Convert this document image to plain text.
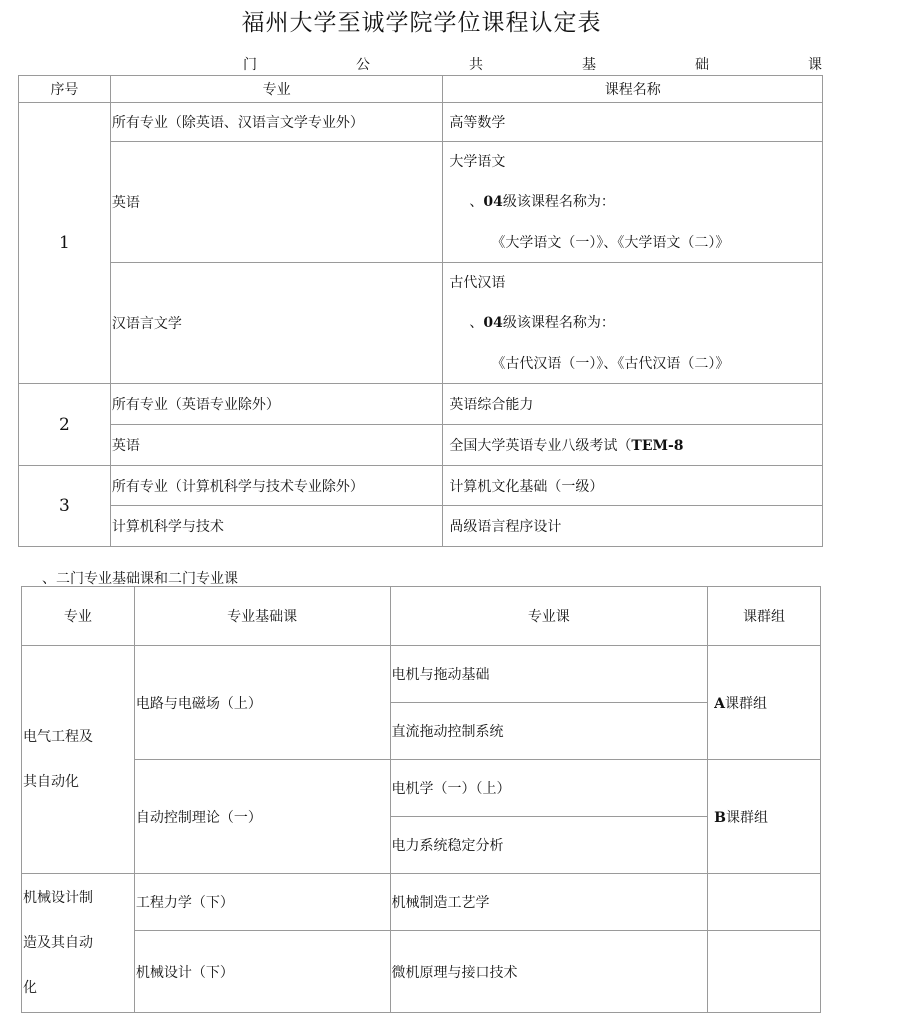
福州大学至诚学院学位课程认定表
门	公	共	基	础	课
序号	专业	课程名称
1	所有专业（除英语、汉语言文学专业外）	高等数学
	英语	大学语文
、04级该课程名称为：
《大学语文（一）》、《大学语文（二）》

	汉语言文学	古代汉语
、04级该课程名称为：
《古代汉语（一）》、《古代汉语（二）》

2	所有专业（英语专业除外）	英语综合能力
	英语	全国大学英语专业八级考试（TEM-8
3	所有专业（计算机科学与技术专业除外）	计算机文化基础（一级）
	计算机科学与技术	咼级语言程序设计
、二门专业基础课和二门专业课
专业	专业基础课	专业课	课群组

电气工程及
其自动化	电路与电磁场（上）	电机与拖动基础	A课群组
		直流拖动控制系统	
	自动控制理论（一）	电机学（一）（上）	B课群组
		电力系统稳定分析	

机械设计制
造及其自动
化	工程力学（下）	机械制造工艺学	
	机械设计（下）	微机原理与接口技术	
